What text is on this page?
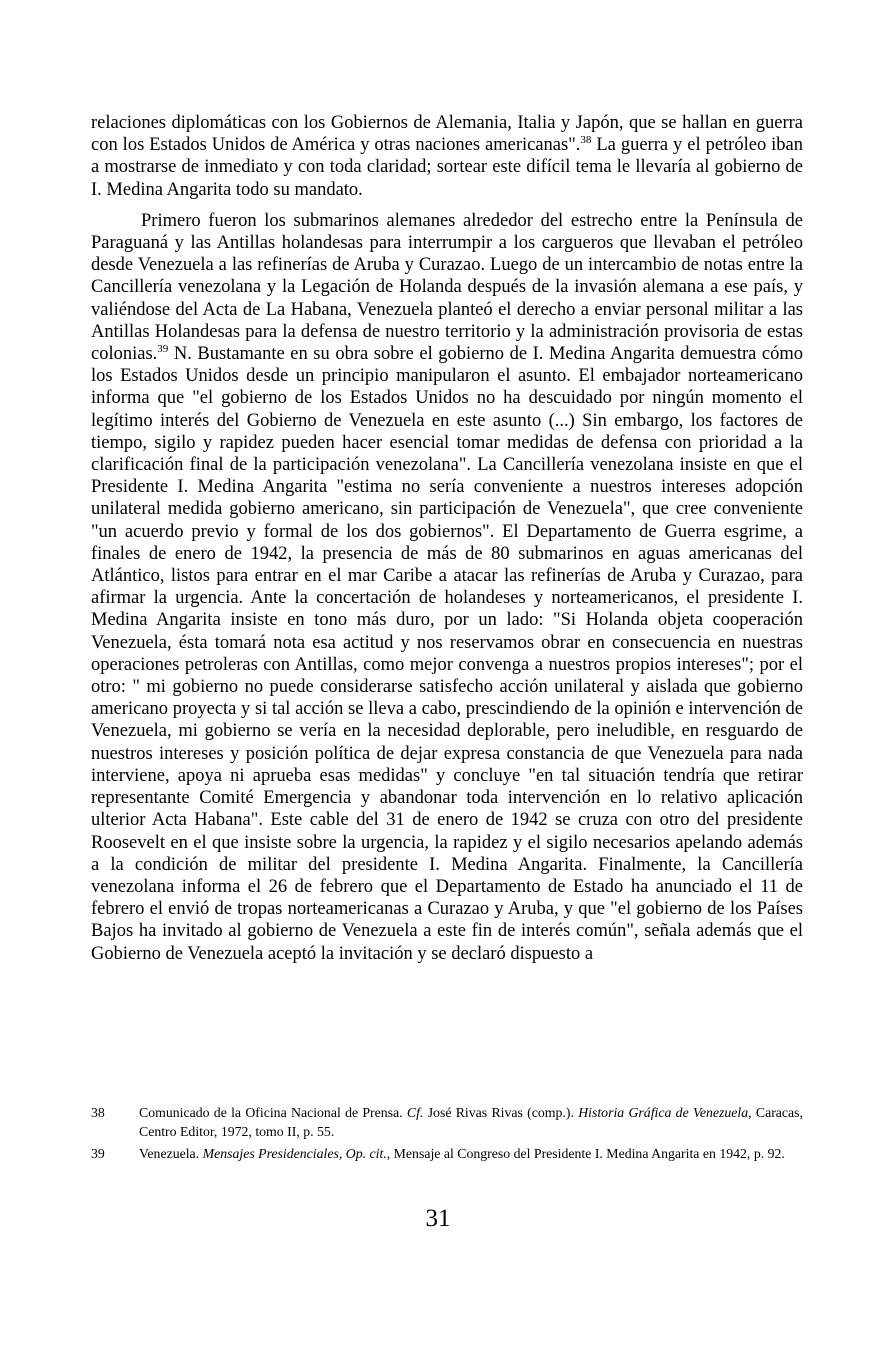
relaciones diplomáticas con los Gobiernos de Alemania, Italia y Japón, que se hallan en guerra con los Estados Unidos de América y otras naciones americanas".$^{38}$ La guerra y el petróleo iban a mostrarse de inmediato y con toda claridad; sortear este difícil tema le llevaría al gobierno de I. Medina Angarita todo su mandato.

Primero fueron los submarinos alemanes alrededor del estrecho entre la Península de Paraguaná y las Antillas holandesas para interrumpir a los cargueros que llevaban el petróleo desde Venezuela a las refinerías de Aruba y Curazao. Luego de un intercambio de notas entre la Cancillería venezolana y la Legación de Holanda después de la invasión alemana a ese país, y valiéndose del Acta de La Habana, Venezuela planteó el derecho a enviar personal militar a las Antillas Holandesas para la defensa de nuestro territorio y la administración provisoria de estas colonias.$^{39}$ N. Bustamante en su obra sobre el gobierno de I. Medina Angarita demuestra cómo los Estados Unidos desde un principio manipularon el asunto. El embajador norteamericano informa que "el gobierno de los Estados Unidos no ha descuidado por ningún momento el legítimo interés del Gobierno de Venezuela en este asunto (...) Sin embargo, los factores de tiempo, sigilo y rapidez pueden hacer esencial tomar medidas de defensa con prioridad a la clarificación final de la participación venezolana". La Cancillería venezolana insiste en que el Presidente I. Medina Angarita "estima no sería conveniente a nuestros intereses adopción unilateral medida gobierno americano, sin participación de Venezuela", que cree conveniente "un acuerdo previo y formal de los dos gobiernos". El Departamento de Guerra esgrime, a finales de enero de 1942, la presencia de más de 80 submarinos en aguas americanas del Atlántico, listos para entrar en el mar Caribe a atacar las refinerías de Aruba y Curazao, para afirmar la urgencia. Ante la concertación de holandeses y norteamericanos, el presidente I. Medina Angarita insiste en tono más duro, por un lado: "Si Holanda objeta cooperación Venezuela, ésta tomará nota esa actitud y nos reservamos obrar en consecuencia en nuestras operaciones petroleras con Antillas, como mejor convenga a nuestros propios intereses"; por el otro: " mi gobierno no puede considerarse satisfecho acción unilateral y aislada que gobierno americano proyecta y si tal acción se lleva a cabo, prescindiendo de la opinión e intervención de Venezuela, mi gobierno se vería en la necesidad deplorable, pero ineludible, en resguardo de nuestros intereses y posición política de dejar expresa constancia de que Venezuela para nada interviene, apoya ni aprueba esas medidas" y concluye "en tal situación tendría que retirar representante Comité Emergencia y abandonar toda intervención en lo relativo aplicación ulterior Acta Habana". Este cable del 31 de enero de 1942 se cruza con otro del presidente Roosevelt en el que insiste sobre la urgencia, la rapidez y el sigilo necesarios apelando además a la condición de militar del presidente I. Medina Angarita. Finalmente, la Cancillería venezolana informa el 26 de febrero que el Departamento de Estado ha anunciado el 11 de febrero el envió de tropas norteamericanas a Curazao y Aruba, y que "el gobierno de los Países Bajos ha invitado al gobierno de Venezuela a este fin de interés común", señala además que el Gobierno de Venezuela aceptó la invitación y se declaró dispuesto a

38	Comunicado de la Oficina Nacional de Prensa. Cf. José Rivas Rivas (comp.). Historia Gráfica de Venezuela, Caracas, Centro Editor, 1972, tomo II, p. 55.
39	Venezuela. Mensajes Presidenciales, Op. cit., Mensaje al Congreso del Presidente I. Medina Angarita en 1942, p. 92.
31
